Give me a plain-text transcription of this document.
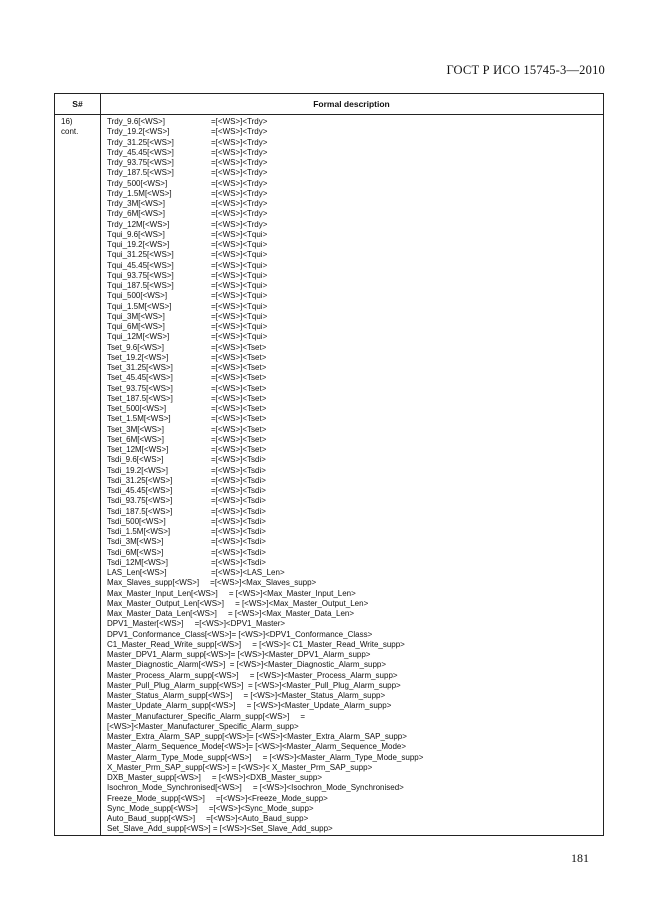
ГОСТ Р ИСО 15745-3—2010
S#	Formal description
16)
cont.
Trdy_9.6[<WS>]	=[<WS>]<Trdy>
Trdy_19.2[<WS>]	=[<WS>]<Trdy>
Trdy_31.25[<WS>]	=[<WS>]<Trdy>
Trdy_45.45[<WS>]	=[<WS>]<Trdy>
Trdy_93.75[<WS>]	=[<WS>]<Trdy>
Trdy_187.5[<WS>]	=[<WS>]<Trdy>
Trdy_500[<WS>]	=[<WS>]<Trdy>
Trdy_1.5M[<WS>]	=[<WS>]<Trdy>
Trdy_3M[<WS>]	=[<WS>]<Trdy>
Trdy_6M[<WS>]	=[<WS>]<Trdy>
Trdy_12M[<WS>]	=[<WS>]<Trdy>
Tqui_9.6[<WS>]	=[<WS>]<Tqui>
Tqui_19.2[<WS>]	=[<WS>]<Tqui>
Tqui_31.25[<WS>]	=[<WS>]<Tqui>
Tqui_45.45[<WS>]	=[<WS>]<Tqui>
Tqui_93.75[<WS>]	=[<WS>]<Tqui>
Tqui_187.5[<WS>]	=[<WS>]<Tqui>
Tqui_500[<WS>]	=[<WS>]<Tqui>
Tqui_1.5M[<WS>]	=[<WS>]<Tqui>
Tqui_3M[<WS>]	=[<WS>]<Tqui>
Tqui_6M[<WS>]	=[<WS>]<Tqui>
Tqui_12M[<WS>]	=[<WS>]<Tqui>
Tset_9.6[<WS>]	=[<WS>]<Tset>
Tset_19.2[<WS>]	=[<WS>]<Tset>
Tset_31.25[<WS>]	=[<WS>]<Tset>
Tset_45.45[<WS>]	=[<WS>]<Tset>
Tset_93.75[<WS>]	=[<WS>]<Tset>
Tset_187.5[<WS>]	=[<WS>]<Tset>
Tset_500[<WS>]	=[<WS>]<Tset>
Tset_1.5M[<WS>]	=[<WS>]<Tset>
Tset_3M[<WS>]	=[<WS>]<Tset>
Tset_6M[<WS>]	=[<WS>]<Tset>
Tset_12M[<WS>]	=[<WS>]<Tset>
Tsdi_9.6[<WS>]	=[<WS>]<Tsdi>
Tsdi_19.2[<WS>]	=[<WS>]<Tsdi>
Tsdi_31.25[<WS>]	=[<WS>]<Tsdi>
Tsdi_45.45[<WS>]	=[<WS>]<Tsdi>
Tsdi_93.75[<WS>]	=[<WS>]<Tsdi>
Tsdi_187.5[<WS>]	=[<WS>]<Tsdi>
Tsdi_500[<WS>]	=[<WS>]<Tsdi>
Tsdi_1.5M[<WS>]	=[<WS>]<Tsdi>
Tsdi_3M[<WS>]	=[<WS>]<Tsdi>
Tsdi_6M[<WS>]	=[<WS>]<Tsdi>
Tsdi_12M[<WS>]	=[<WS>]<Tsdi>
LAS_Len[<WS>]	=[<WS>]<LAS_Len>
Max_Slaves_supp[<WS>]     =[<WS>]<Max_Slaves_supp>
Max_Master_Input_Len[<WS>]     = [<WS>]<Max_Master_Input_Len>
Max_Master_Output_Len[<WS>]     = [<WS>]<Max_Master_Output_Len>
Max_Master_Data_Len[<WS>]     = [<WS>]<Max_Master_Data_Len>
DPV1_Master[<WS>]     =[<WS>]<DPV1_Master>
DPV1_Conformance_Class[<WS>]= [<WS>]<DPV1_Conformance_Class>
C1_Master_Read_Write_supp[<WS>]     = [<WS>]< C1_Master_Read_Write_supp>
Master_DPV1_Alarm_supp[<WS>]= [<WS>]<Master_DPV1_Alarm_supp>
Master_Diagnostic_Alarm[<WS>]  = [<WS>]<Master_Diagnostic_Alarm_supp>
Master_Process_Alarm_supp[<WS>]     = [<WS>]<Master_Process_Alarm_supp>
Master_Pull_Plug_Alarm_supp[<WS>]  = [<WS>]<Master_Pull_Plug_Alarm_supp>
Master_Status_Alarm_supp[<WS>]     = [<WS>]<Master_Status_Alarm_supp>
Master_Update_Alarm_supp[<WS>]     = [<WS>]<Master_Update_Alarm_supp>
Master_Manufacturer_Specific_Alarm_supp[<WS>]     =
[<WS>]<Master_Manufacturer_Specific_Alarm_supp>
Master_Extra_Alarm_SAP_supp[<WS>]= [<WS>]<Master_Extra_Alarm_SAP_supp>
Master_Alarm_Sequence_Mode[<WS>]= [<WS>]<Master_Alarm_Sequence_Mode>
Master_Alarm_Type_Mode_supp[<WS>]     = [<WS>]<Master_Alarm_Type_Mode_supp>
X_Master_Prm_SAP_supp[<WS>] = [<WS>]< X_Master_Prm_SAP_supp>
DXB_Master_supp[<WS>]     = [<WS>]<DXB_Master_supp>
Isochron_Mode_Synchronised[<WS>]     = [<WS>]<Isochron_Mode_Synchronised>
Freeze_Mode_supp[<WS>]     =[<WS>]<Freeze_Mode_supp>
Sync_Mode_supp[<WS>]     =[<WS>]<Sync_Mode_supp>
Auto_Baud_supp[<WS>]     =[<WS>]<Auto_Baud_supp>
Set_Slave_Add_supp[<WS>] = [<WS>]<Set_Slave_Add_supp>
181
